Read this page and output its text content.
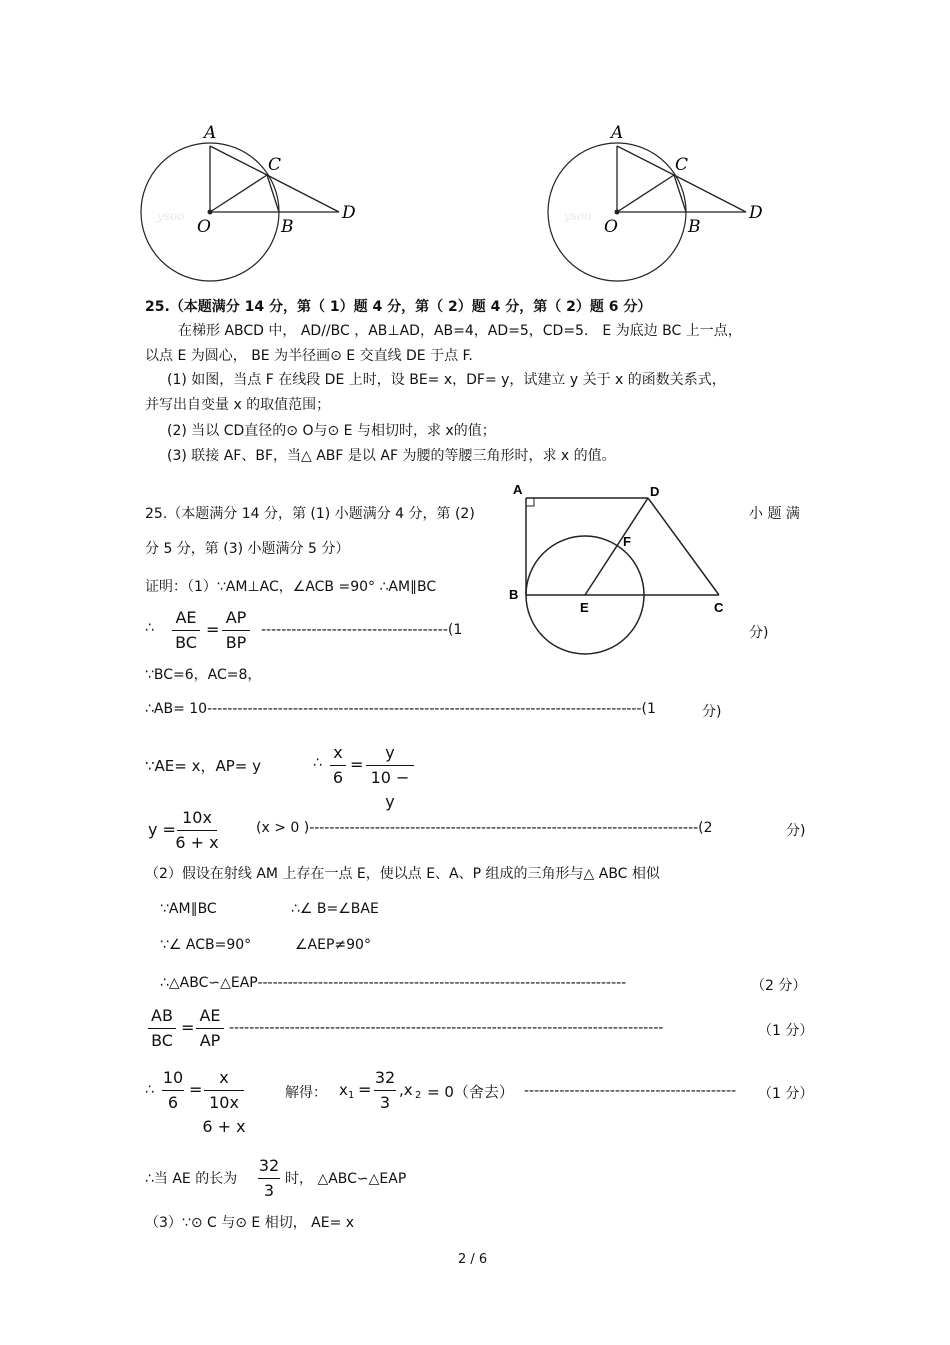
ysoo
A
C
O	B
D	ysoo
A
C
O	B
D
25.（本题满分 14 分，第（ 1）题 4 分，第（ 2）题 4 分，第（ 2）题 6 分）
在梯形 ABCD 中， AD//BC ，AB⊥AD，AB=4，AD=5，CD=5． E 为底边 BC 上一点，
以点 E 为圆心， BE 为半径画⊙ E 交直线 DE 于点 F.
(1) 如图，当点 F 在线段 DE 上时，设 BE= x，DF= y，试建立 y 关于 x 的函数关系式，
并写出自变量 x 的取值范围；
(2) 当以 CD直径的⊙ O与⊙ E 与相切时，求 x的值；
(3) 联接 AF、BF，当△ ABF 是以 AF 为腰的等腰三角形时，求 x 的值。
A	D
F
B
E	C
25.（本题满分 14 分，第 (1) 小题满分 4 分，第 (2)	小 题 满
分 5 分，第 (3) 小题满分 5 分）
证明：（1）∵AM⊥AC，∠ACB =90° ∴AM∥BC
∴
AE
BC
=
AP
BP
-------------------------------------(1	分)
∵BC=6，AC=8，
∴AB= 10--------------------------------------------------------------------------------------(1	分)
∵AE= x，AP= y	∴
x
6
=
y
10 − y
y =
10x
6 + x
(x > 0 )-----------------------------------------------------------------------------(2	分)
（2）假设在射线 AM 上存在一点 E，使以点 E、A、P 组成的三角形与△ ABC 相似
∵AM∥BC	∴∠ B=∠BAE
∵∠ ACB=90°	∠AEP≠90°
∴△ABC∽△EAP-------------------------------------------------------------------------	（2 分）
AB
BC
=
AE
AP
--------------------------------------------------------------------------------------	（1 分）
∴
10
6
=
x
10x
6 + x
解得： x 1 =
32
3
,x 2 = 0（舍去） ------------------------------------------ （1 分）
∴当 AE 的长为
32
3
时， △ABC∽△EAP
（3）∵⊙ C 与⊙ E 相切， AE= x
2 / 6
